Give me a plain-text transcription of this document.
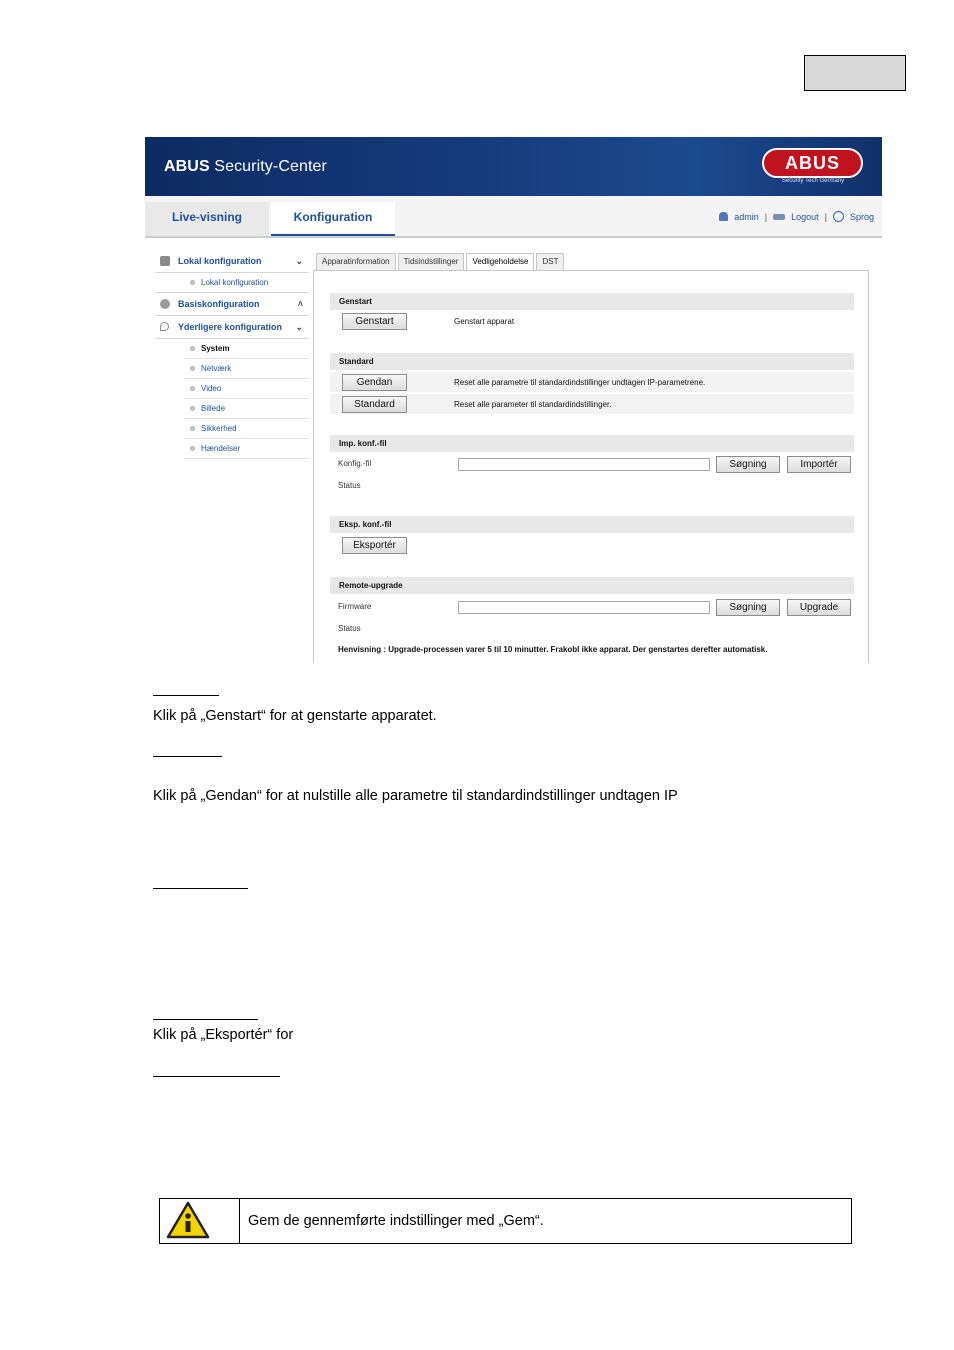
ABUS Security-Center	ABUS
Security Tech Germany
Live-visning	Konfiguration	admin |	Logout |	Sprog
Lokal konfiguration	⌄
Lokal konfiguration
Basiskonfiguration	˄
Yderligere konfiguration ⌄
System
Netværk
Video
Billede
Sikkerhed
Hændelser
Apparatinformation	Tidsindstillinger	Vedligeholdelse	DST
Genstart
Genstart	Genstart apparat
Standard
Gendan	Reset alle parametre til standardindstillinger undtagen IP-parametrene.
Standard	Reset alle parameter til standardindstillinger.
Imp. konf.-fil
Konfig.-fil	Søgning	Importér
Status
Eksp. konf.-fil
Eksportér
Remote-upgrade
Firmware	Søgning	Upgrade
Status
Henvisning : Upgrade-processen varer 5 til 10 minutter. Frakobl ikke apparat. Der genstartes derefter automatisk.
Klik på „Genstart“ for at genstarte apparatet.
Klik på „Gendan“ for at nulstille alle parametre til standardindstillinger undtagen IP
Klik på „Eksportér“ for
Gem de gennemførte indstillinger med „Gem“.
